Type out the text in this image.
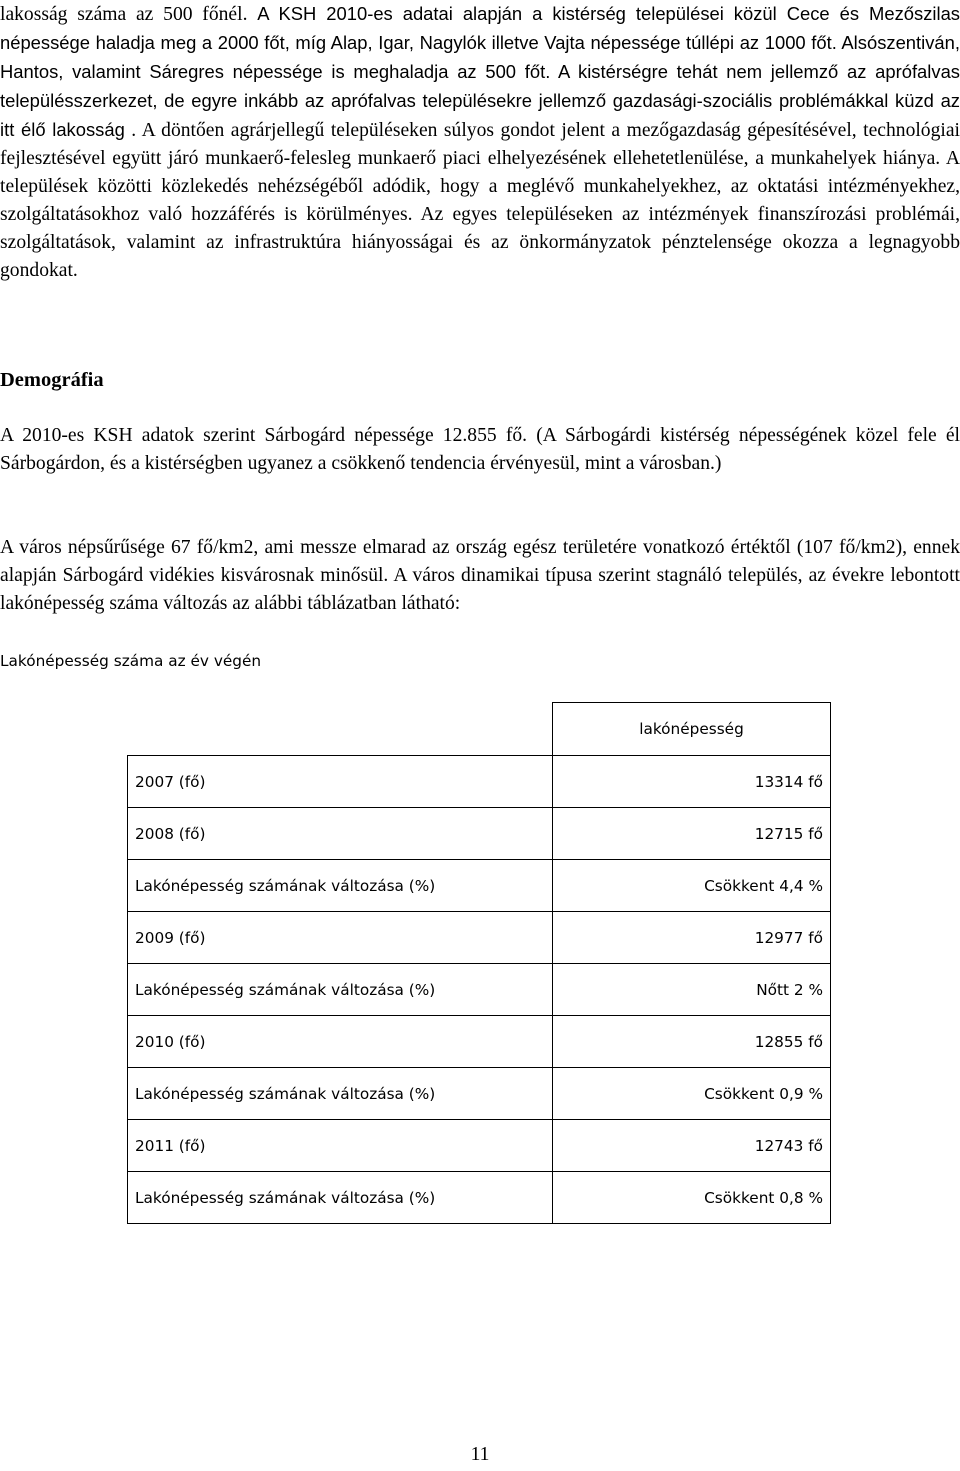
lakosság száma az 500 főnél. A KSH 2010-es adatai alapján a kistérség települései közül Cece és Mezőszilas népessége haladja meg a 2000 főt, míg Alap, Igar, Nagylók illetve Vajta népessége túllépi az 1000 főt. Alsószentiván, Hantos, valamint Sáregres népessége is meghaladja az 500 főt. A kistérségre tehát nem jellemző az aprófalvas településszerkezet, de egyre inkább az aprófalvas településekre jellemző gazdasági-szociális problémákkal küzd az itt élő lakosság . A döntően agrárjellegű településeken súlyos gondot jelent a mezőgazdaság gépesítésével, technológiai fejlesztésével együtt járó munkaerő-felesleg munkaerő piaci elhelyezésének ellehetetlenülése, a munkahelyek hiánya. A települések közötti közlekedés nehézségéből adódik, hogy a meglévő munkahelyekhez, az oktatási intézményekhez, szolgáltatásokhoz való hozzáférés is körülményes. Az egyes településeken az intézmények finanszírozási problémái, szolgáltatások, valamint az infrastruktúra hiányosságai és az önkormányzatok pénztelensége okozza a legnagyobb gondokat.

Demográfia

A 2010-es KSH adatok szerint Sárbogárd népessége 12.855 fő. (A Sárbogárdi kistérség népességének közel fele él Sárbogárdon, és a kistérségben ugyanez a csökkenő tendencia érvényesül, mint a városban.)

A város népsűrűsége 67 fő/km2, ami messze elmarad az ország egész területére vonatkozó értéktől (107 fő/km2), ennek alapján Sárbogárd vidékies kisvárosnak minősül. A város dinamikai típusa szerint stagnáló település, az évekre lebontott lakónépesség száma változás az alábbi táblázatban látható:

Lakónépesség száma az év végén

	lakónépesség
2007 (fő)	13314 fő
2008 (fő)	12715 fő
Lakónépesség számának változása (%)	Csökkent 4,4 %
2009 (fő)	12977 fő
Lakónépesség számának változása (%)	Nőtt 2 %
2010 (fő)	12855 fő
Lakónépesség számának változása (%)	Csökkent 0,9 %
2011 (fő)	12743 fő
Lakónépesség számának változása (%)	Csökkent 0,8 %

11
